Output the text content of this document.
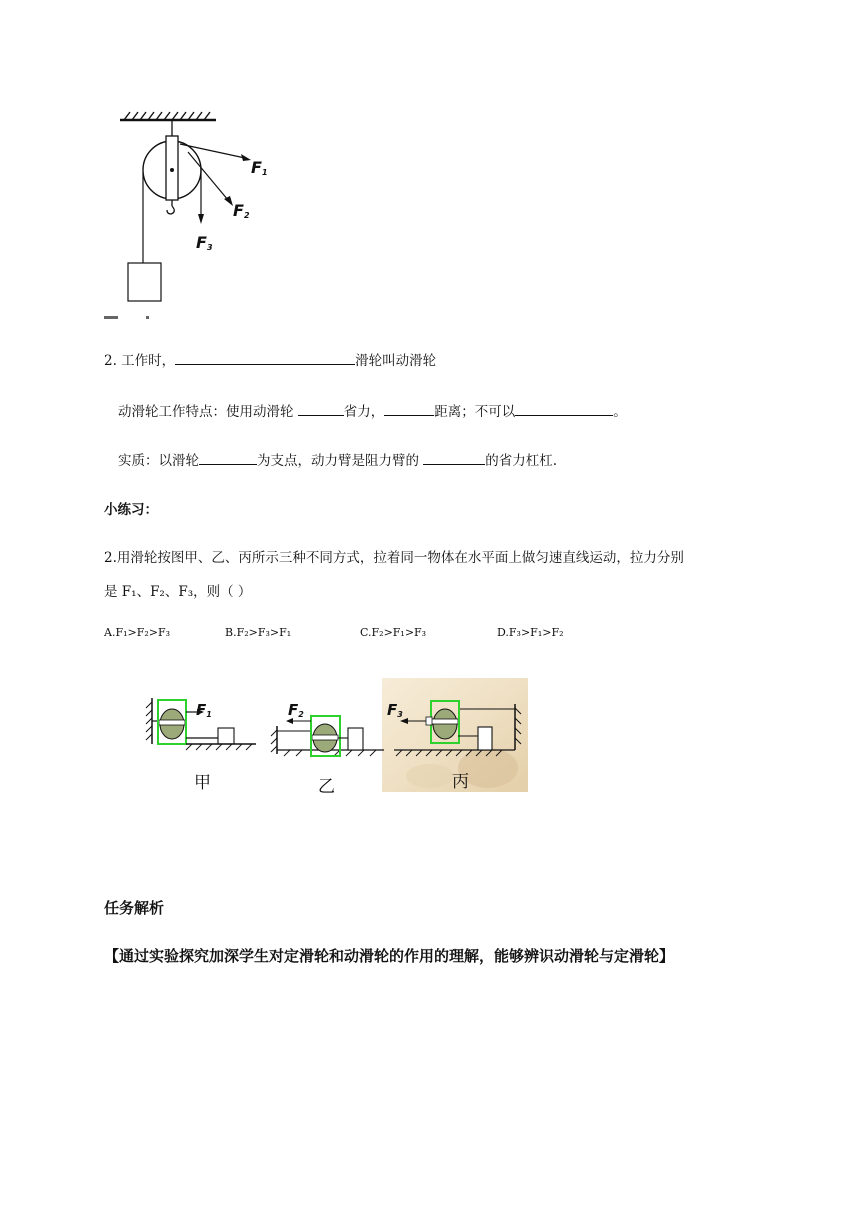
$F_1$
$F_2$
$F_3$
2. 工作时，	滑轮叫动滑轮
动滑轮工作特点：使用动滑轮	省力，	距离；不可以	。
实质：以滑轮	为支点，动力臂是阻力臂的	的省力杠杠.
小练习：
2.用滑轮按图甲、乙、丙所示三种不同方式，拉着同一物体在水平面上做匀速直线运动，拉力分别
是 F₁、F₂、F₃，则（ ）
A.F₁>F₂>F₃	B.F₂>F₃>F₁	C.F₂>F₁>F₃	D.F₃>F₁>F₂
$F_1$	$F_2$	$F_3$
甲	乙	丙
任务解析
【通过实验探究加深学生对定滑轮和动滑轮的作用的理解，能够辨识动滑轮与定滑轮】
